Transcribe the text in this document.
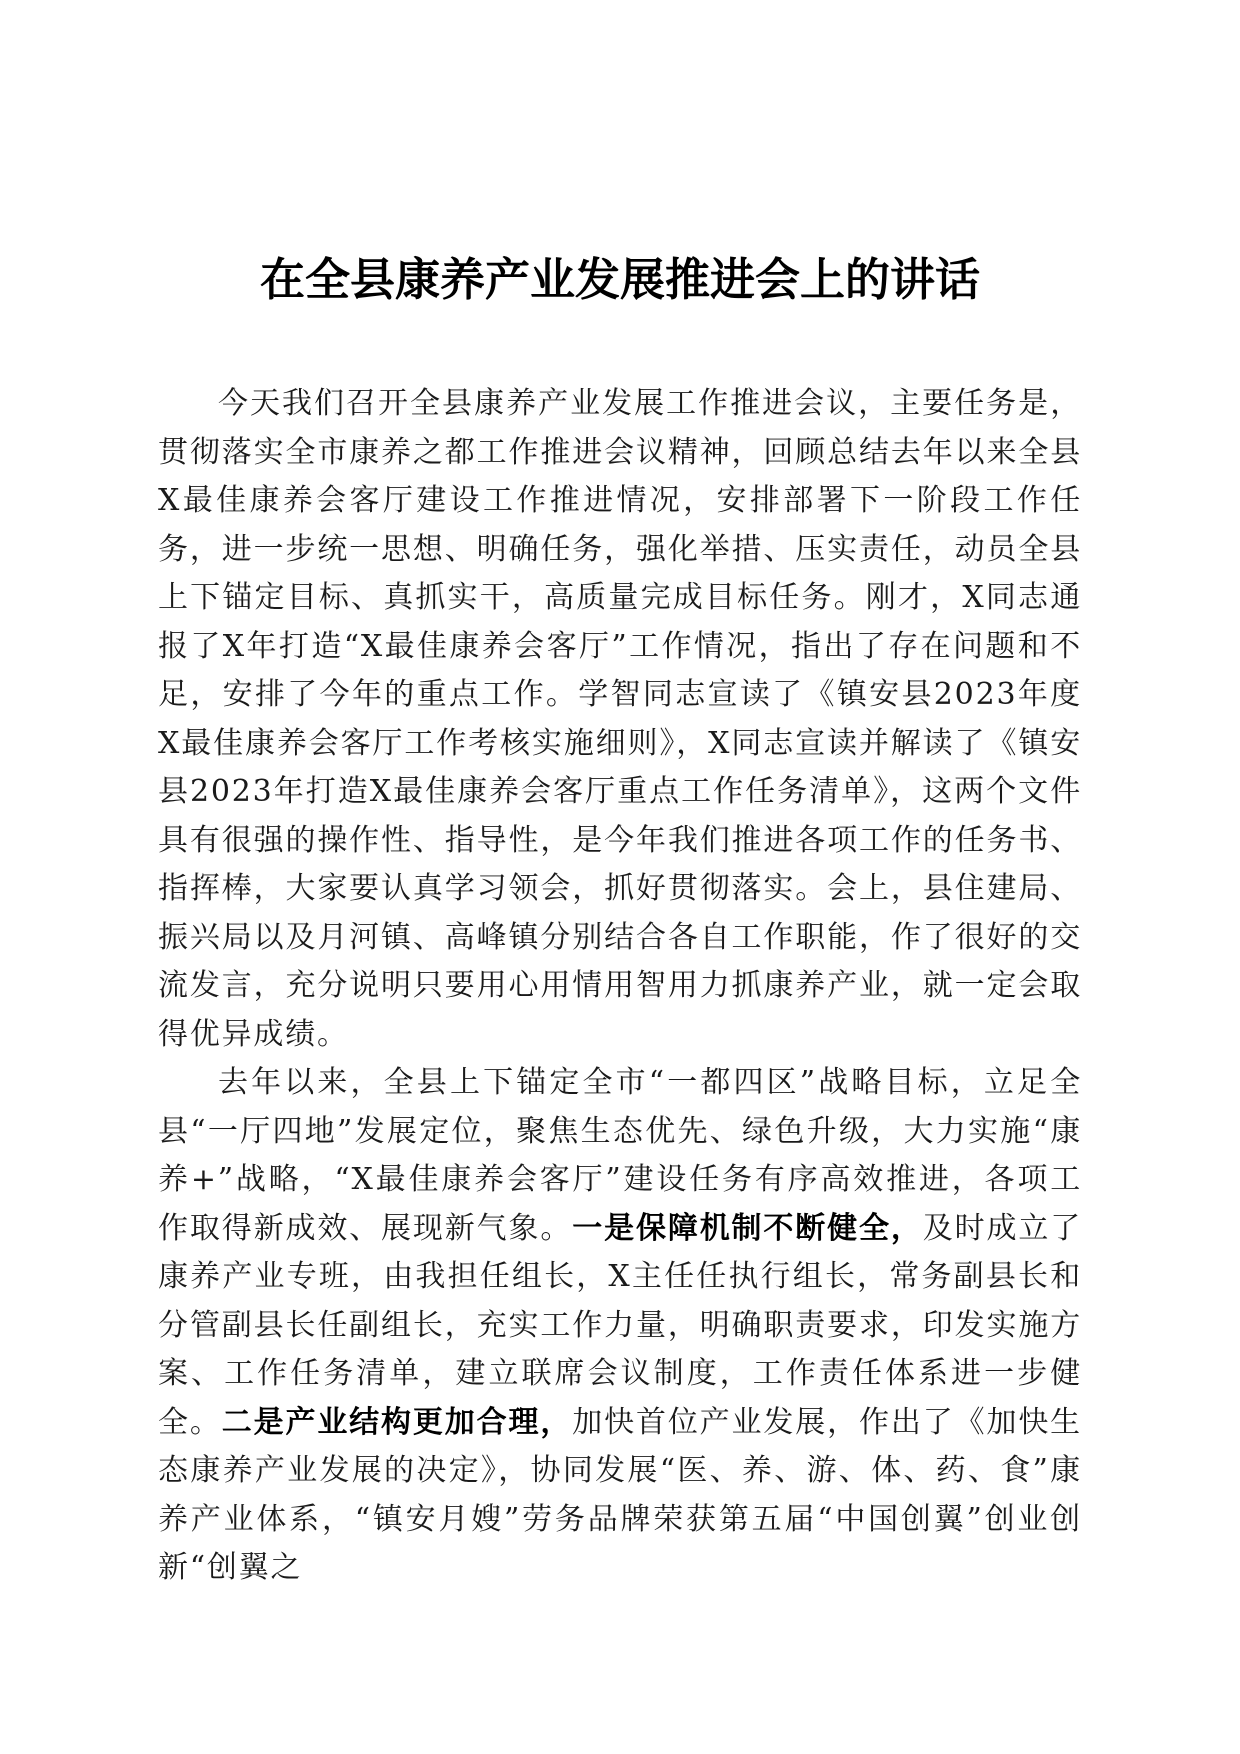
在全县康养产业发展推进会上的讲话

今天我们召开全县康养产业发展工作推进会议，主要任务是，贯彻落实全市康养之都工作推进会议精神，回顾总结去年以来全县X最佳康养会客厅建设工作推进情况，安排部署下一阶段工作任务，进一步统一思想、明确任务，强化举措、压实责任，动员全县上下锚定目标、真抓实干，高质量完成目标任务。刚才，X同志通报了X年打造“X最佳康养会客厅”工作情况，指出了存在问题和不足，安排了今年的重点工作。学智同志宣读了《镇安县2023年度X最佳康养会客厅工作考核实施细则》，X同志宣读并解读了《镇安县2023年打造X最佳康养会客厅重点工作任务清单》，这两个文件具有很强的操作性、指导性，是今年我们推进各项工作的任务书、指挥棒，大家要认真学习领会，抓好贯彻落实。会上，县住建局、振兴局以及月河镇、高峰镇分别结合各自工作职能，作了很好的交流发言，充分说明只要用心用情用智用力抓康养产业，就一定会取得优异成绩。

去年以来，全县上下锚定全市“一都四区”战略目标，立足全县“一厅四地”发展定位，聚焦生态优先、绿色升级，大力实施“康养+”战略，“X最佳康养会客厅”建设任务有序高效推进，各项工作取得新成效、展现新气象。一是保障机制不断健全，及时成立了康养产业专班，由我担任组长，X主任任执行组长，常务副县长和分管副县长任副组长，充实工作力量，明确职责要求，印发实施方案、工作任务清单，建立联席会议制度，工作责任体系进一步健全。二是产业结构更加合理，加快首位产业发展，作出了《加快生态康养产业发展的决定》，协同发展“医、养、游、体、药、食”康养产业体系，“镇安月嫂”劳务品牌荣获第五届“中国创翼”创业创新“创翼之
